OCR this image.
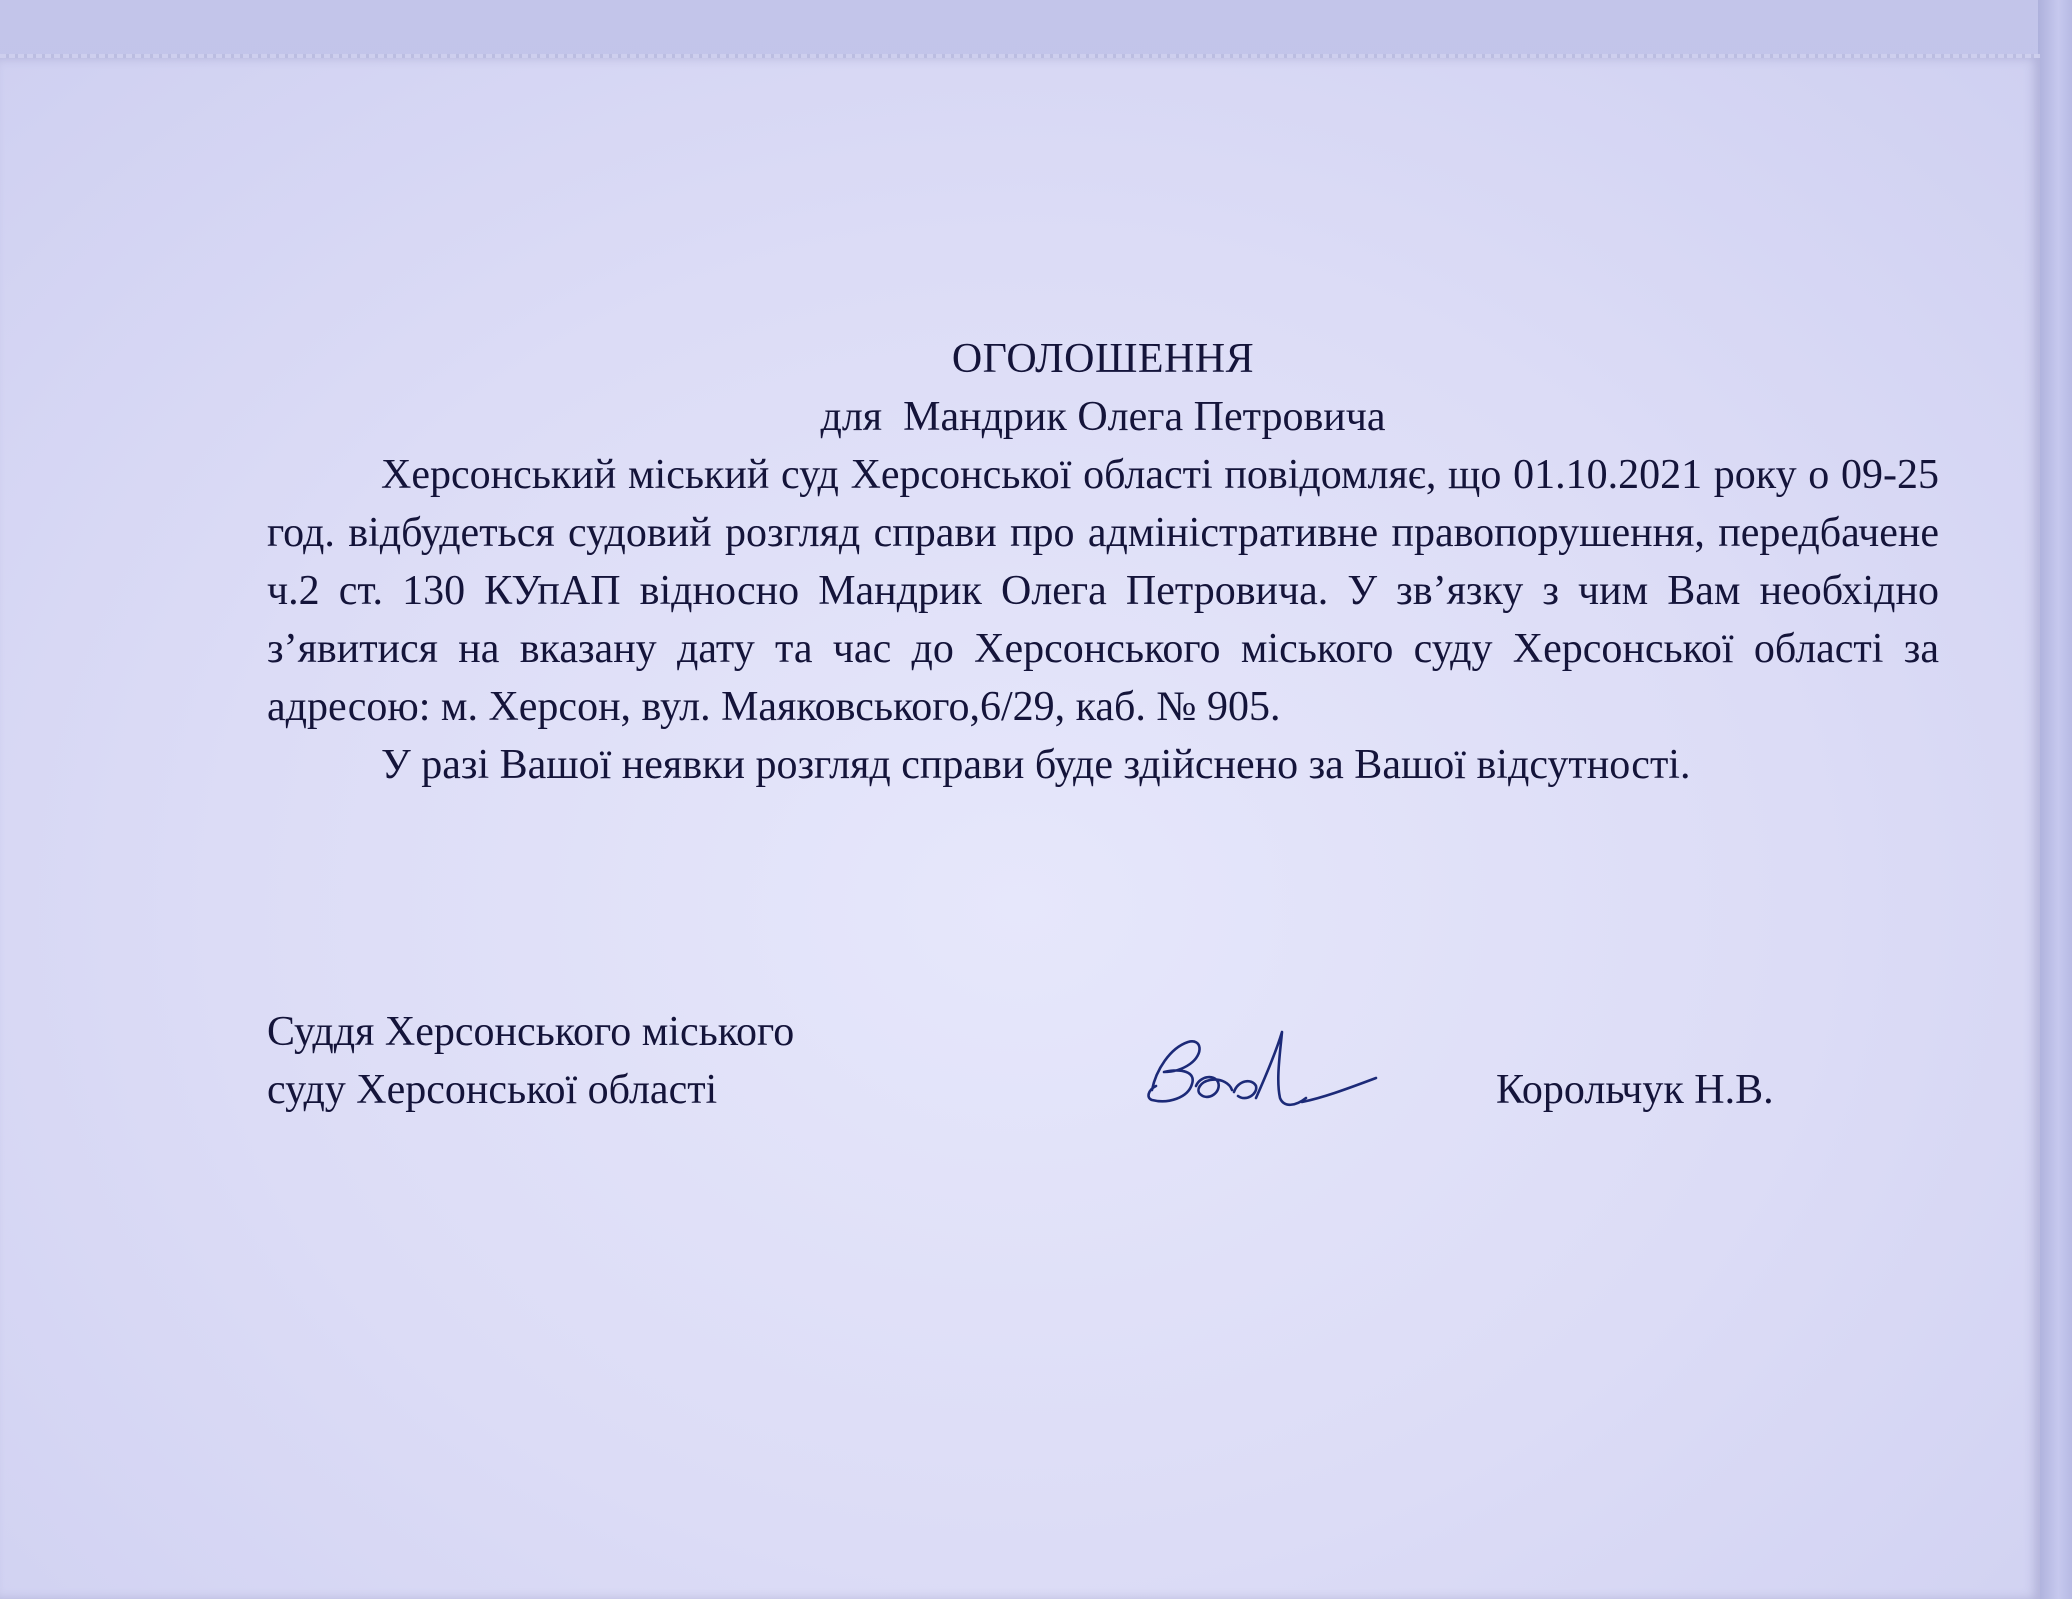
ОГОЛОШЕННЯ

для  Мандрик Олега Петровича

Херсонський міський суд Херсонської області повідомляє, що 01.10.2021 року о 09-25 год. відбудеться судовий розгляд справи про адміністративне правопорушення, передбачене ч.2 ст. 130 КУпАП відносно Мандрик Олега Петровича. У зв’язку з чим Вам необхідно з’явитися на вказану дату та час до Херсонського міського суду Херсонської області за адресою: м. Херсон, вул. Маяковського,6/29, каб. № 905.

У разі Вашої неявки розгляд справи буде здійснено за Вашої відсутності.

Суддя Херсонського міського
суду Херсонської області	Корольчук Н.В.
